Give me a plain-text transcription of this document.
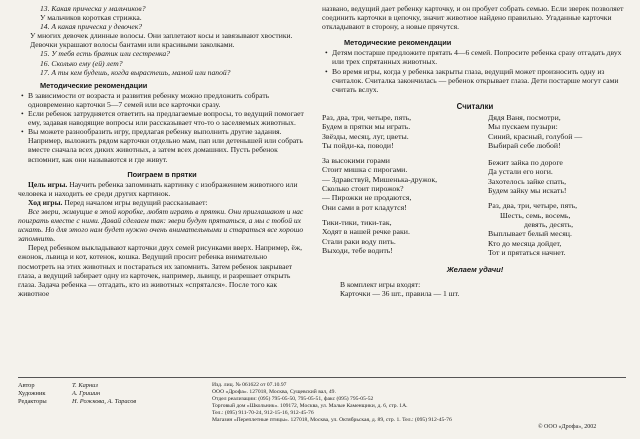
13. Какая прическа у мальчиков?

У мальчиков короткая стрижка.

14. А какая прическа у девочек?

У многих девочек длинные волосы. Они заплетают косы и завязывают хвостики. Девочки украшают волосы бантами или красивыми заколками.

15. У тебя есть братик или сестренка?

16. Сколько ему (ей) лет?

17. А ты кем будешь, когда вырастешь, мамой или папой?

Методические рекомендации

• В зависимости от возраста и развития ребенку можно предложить собрать одновременно карточки 5—7 семей или все карточки сразу.

• Если ребенок затрудняется ответить на предлагаемые вопросы, то ведущий помогает ему, задавая наводящие вопросы или рассказывает что-то о заселяемых животных.

• Вы можете разнообразить игру, предлагая ребенку выполнить другие задания. Например, выложить рядом карточки отдельно мам, пап или детенышей или собрать вместе сначала всех диких животных, а затем всех домашних. Пусть ребенок вспомнит, как они называются и где живут.

Поиграем в прятки

Цель игры. Научить ребенка запоминать картинку с изображением животного или человека и находить ее среди других картинок.

Ход игры. Перед началом игры ведущий рассказывает:

Все звери, живущие в этой коробке, любят играть в прятки. Они приглашают и нас поиграть вместе с ними. Давай сделаем так: звери будут прятаться, а мы с тобой их искать. Но для этого нам будет нужно очень внимательными и стараться все хорошо запомнить.

Перед ребенком выкладывают карточки двух семей рисунками вверх. Например, ёж, ежонок, львица и кот, котенок, кошка. Ведущий просит ребенка внимательно посмотреть на этих животных и постараться их запомнить. Затем ребенок закрывает глаза, а ведущий забирает одну из карточек, например, львицу, и разрешает открыть глаза. Задача ребенка — отгадать, кто из животных «спрятался». После того как животное

названо, ведущий дает ребенку карточку, и он пробует собрать семью. Если зверек позволяет соединить карточки в цепочку, значит животное найдено правильно. Угаданные карточки откладывают в сторону, а новые прячутся.

Методические рекомендации

• Детям постарше предложите прятать 4—6 семей. Попросите ребенка сразу отгадать двух или трех спрятанных животных.

• Во время игры, когда у ребенка закрыты глаза, ведущий может произносить одну из считалок. Считалка закончилась — ребенок открывает глаза. Дети постарше могут сами считать вслух.

Считалки
Раз, два, три, четыре, пять,
Будем в прятки мы играть.
Звёзды, месяц, луг, цветы.
Ты пойди-ка, поводи!
За высокими горами
Стоит мишка с пирогами.
— Здравствуй, Мишенька-дружок,
Сколько стоит пирожок?
— Пирожки не продаются,
Они сами в рот кладутся!
Тики-тики, тики-так,
Ходят в нашей речке раки.
Стали раки воду пить.
Выходи, тебе водить!
Дядя Ваня, посмотри,
Мы пускаем пузыри:
Синий, красный, голубой —
Выбирай себе любой!
Бежит зайка по дороге
Да устали его ноги.
Захотелось зайке спать,
Будем зайку мы искать!
Раз, два, три, четыре, пять,
Шесть, семь, восемь,
девять, десять,
Выплывает белый месяц.
Кто до месяца дойдет,
Тот и прятаться начнет.
Желаем удачи!

В комплект игры входят:

Карточки — 36 шт., правила — 1 шт.

Автор	Т. Карниз
Художник	А. Гришин
Редакторы	Н. Рожкова, А. Тарасов
Изд. лиц. № 061622 от 07.10.97
ООО «Дрофа». 127018, Москва, Сущевский вал, 49.
Отдел реализации: (095) 795-05-50, 795-05-51, факс (095) 795-05-52
Торговый дом «Школьник». 109172, Москва, ул. Малые Каменщики, д. 6, стр. 1А.
Тел.: (095) 911-70-24, 912-15-16, 912-45-76
Магазин «Переплетные птицы». 127018, Москва, ул. Октябрьская, д. 89, стр. 1. Тел.: (095) 912-45-76
© ООО «Дрофа», 2002
